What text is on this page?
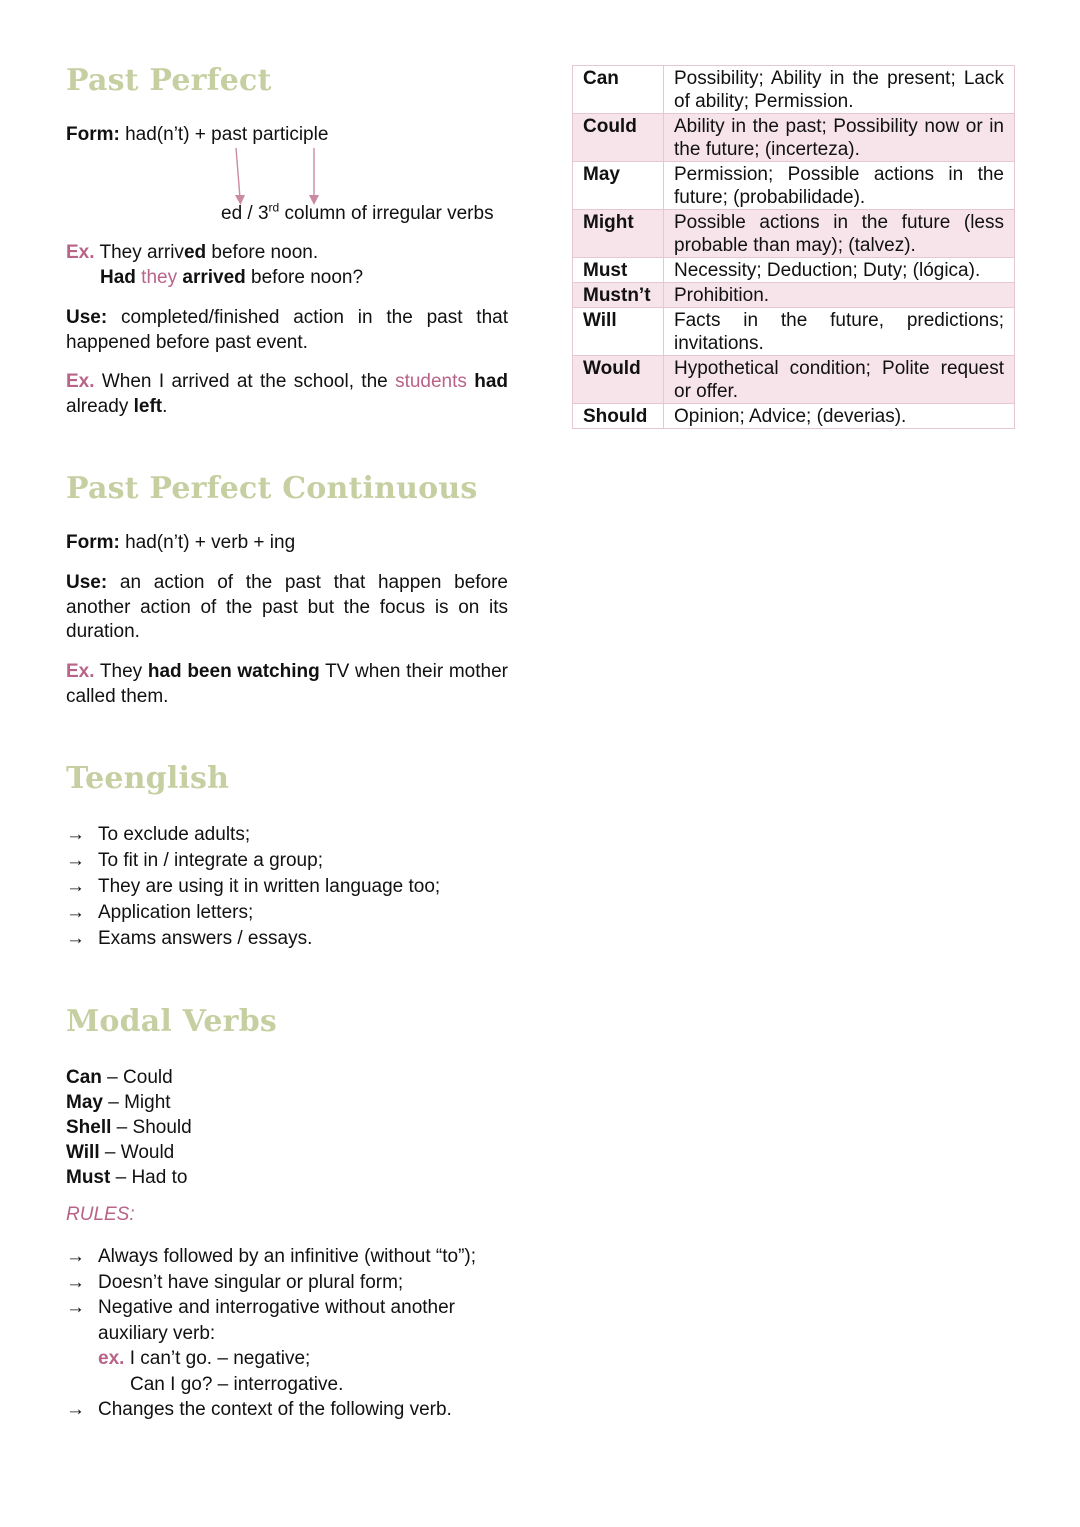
Past Perfect

Form: had(n’t) + past participle

ed / 3rd column of irregular verbs

Ex. They arrived before noon.

Had they arrived before noon?

Use: completed/finished action in the past that happened before past event.

Ex. When I arrived at the school, the students had already left.

Past Perfect Continuous

Form: had(n’t) + verb + ing

Use: an action of the past that happen before another action of the past but the focus is on its duration.

Ex. They had been watching TV when their mother called them.

Teenglish
→ To exclude adults;
→ To fit in / integrate a group;
→ They are using it in written language too;
→ Application letters;
→ Exams answers / essays.
Modal Verbs
Can – Could
May – Might
Shell – Should
Will – Would
Must – Had to

RULES:

→ Always followed by an infinitive (without “to”);
→ Doesn’t have singular or plural form;
→ Negative and interrogative without another auxiliary verb:
ex. I can’t go. – negative;
Can I go? – interrogative.
→ Changes the context of the following verb.
Can	Possibility; Ability in the present; Lack of ability; Permission.
Could	Ability in the past; Possibility now or in the future; (incerteza).
May	Permission; Possible actions in the future; (probabilidade).
Might	Possible actions in the future (less probable than may); (talvez).
Must	Necessity; Deduction; Duty; (lógica).
Mustn’t	Prohibition.
Will	Facts in the future, predictions; invitations.
Would	Hypothetical condition; Polite request or offer.
Should	Opinion; Advice; (deverias).
